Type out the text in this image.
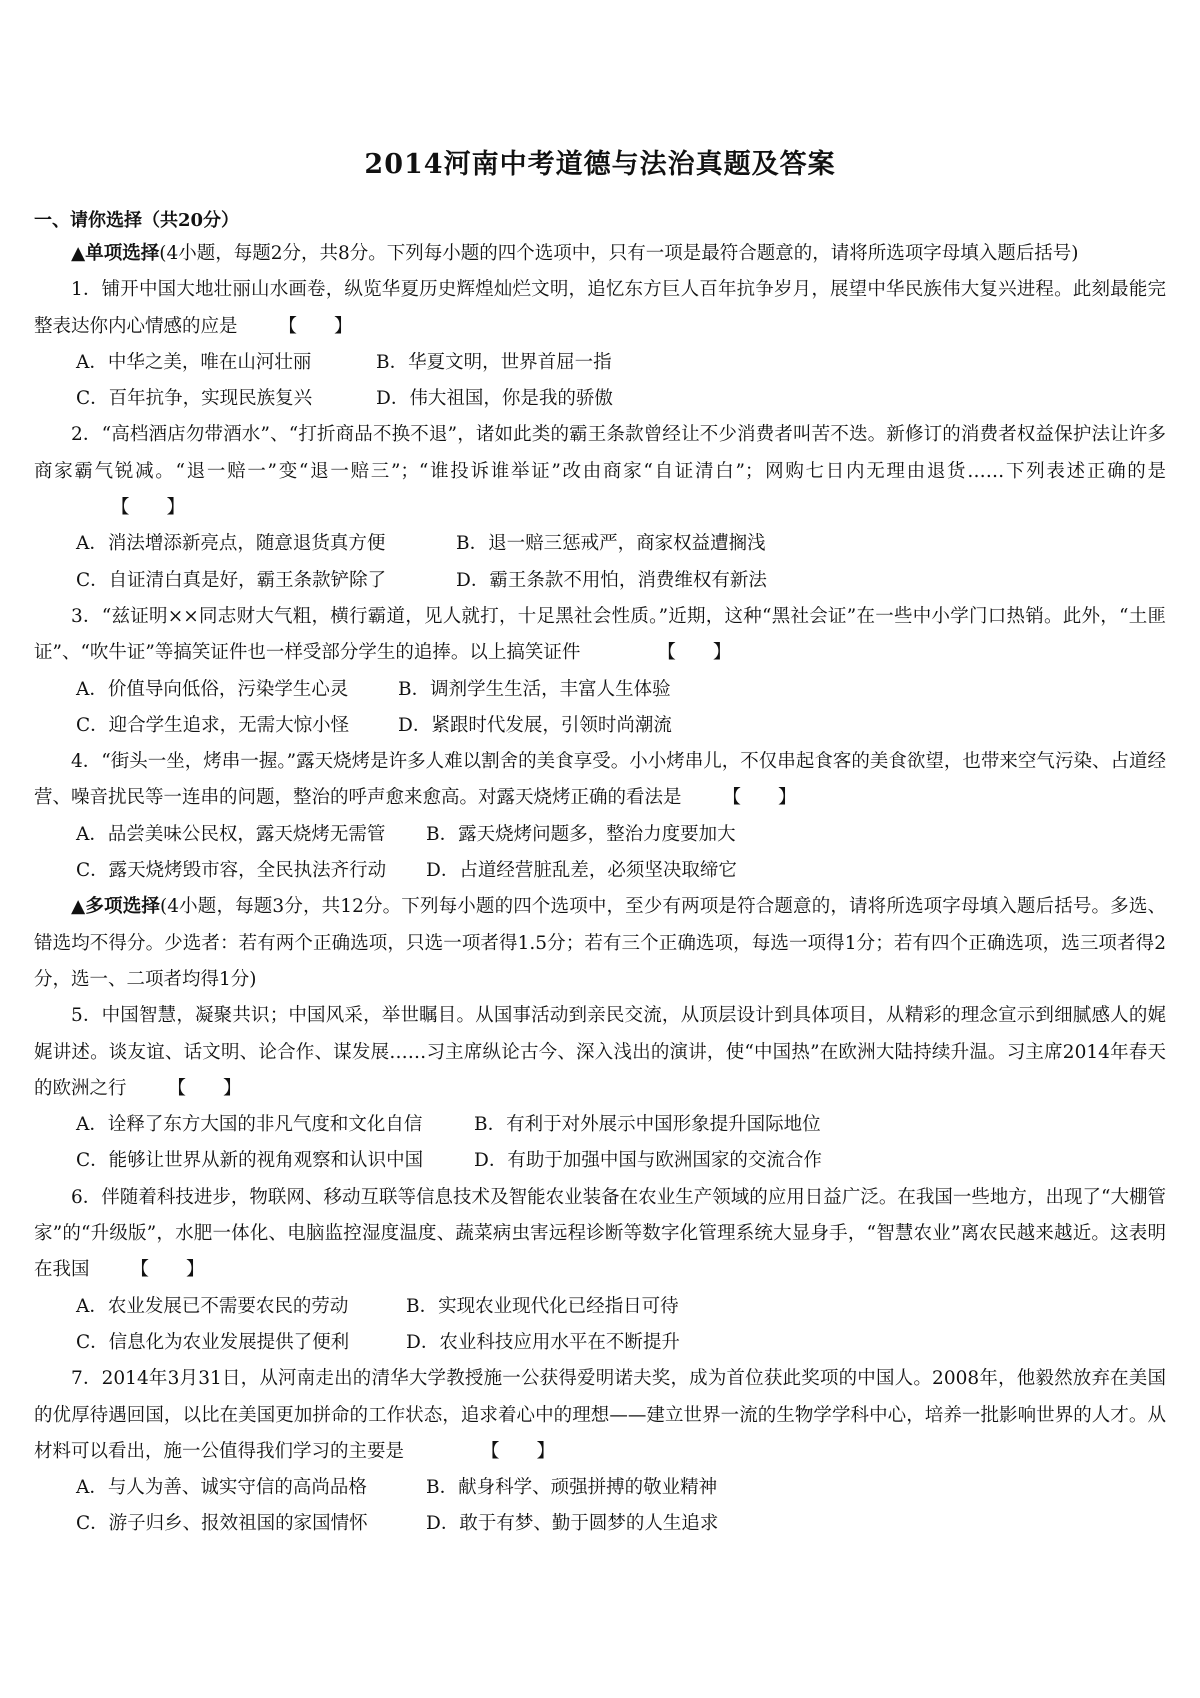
2014河南中考道德与法治真题及答案
一、请你选择（共20分）

▲单项选择(4小题，每题2分，共8分。下列每小题的四个选项中，只有一项是最符合题意的，请将所选项字母填入题后括号)

1．铺开中国大地壮丽山水画卷，纵览华夏历史辉煌灿烂文明，追忆东方巨人百年抗争岁月，展望中华民族伟大复兴进程。此刻最能完整表达你内心情感的应是 【　　】

A．中华之美，唯在山河壮丽	B．华夏文明，世界首屈一指

C．百年抗争，实现民族复兴	D．伟大祖国，你是我的骄傲

2．“高档酒店勿带酒水”、“打折商品不换不退”，诸如此类的霸王条款曾经让不少消费者叫苦不迭。新修订的消费者权益保护法让许多商家霸气锐减。“退一赔一”变“退一赔三”；“谁投诉谁举证”改由商家“自证清白”；网购七日内无理由退货……下列表述正确的是【　　】

A．消法增添新亮点，随意退货真方便	B．退一赔三惩戒严，商家权益遭搁浅

C．自证清白真是好，霸王条款铲除了	D．霸王条款不用怕，消费维权有新法

3．“兹证明××同志财大气粗，横行霸道，见人就打，十足黑社会性质。”近期，这种“黑社会证”在一些中小学门口热销。此外，“土匪证”、“吹牛证”等搞笑证件也一样受部分学生的追捧。以上搞笑证件	【　　】

A．价值导向低俗，污染学生心灵	B．调剂学生生活，丰富人生体验

C．迎合学生追求，无需大惊小怪	D．紧跟时代发展，引领时尚潮流

4．“街头一坐，烤串一握。”露天烧烤是许多人难以割舍的美食享受。小小烤串儿，不仅串起食客的美食欲望，也带来空气污染、占道经营、噪音扰民等一连串的问题，整治的呼声愈来愈高。对露天烧烤正确的看法是 【　　】

A．品尝美味公民权，露天烧烤无需管 B．露天烧烤问题多，整治力度要加大

C．露天烧烤毁市容，全民执法齐行动 D．占道经营脏乱差，必须坚决取缔它

▲多项选择(4小题，每题3分，共12分。下列每小题的四个选项中，至少有两项是符合题意的，请将所选项字母填入题后括号。多选、错选均不得分。少选者：若有两个正确选项，只选一项者得1.5分；若有三个正确选项，每选一项得1分；若有四个正确选项，选三项者得2分，选一、二项者均得1分)

5．中国智慧，凝聚共识；中国风采，举世瞩目。从国事活动到亲民交流，从顶层设计到具体项目，从精彩的理念宣示到细腻感人的娓娓讲述。谈友谊、话文明、论合作、谋发展……习主席纵论古今、深入浅出的演讲，使“中国热”在欧洲大陆持续升温。习主席2014年春天的欧洲之行 【　　】

A．诠释了东方大国的非凡气度和文化自信	B．有利于对外展示中国形象提升国际地位

C．能够让世界从新的视角观察和认识中国	D．有助于加强中国与欧洲国家的交流合作

6．伴随着科技进步，物联网、移动互联等信息技术及智能农业装备在农业生产领域的应用日益广泛。在我国一些地方，出现了“大棚管家”的“升级版”，水肥一体化、电脑监控湿度温度、蔬菜病虫害远程诊断等数字化管理系统大显身手，“智慧农业”离农民越来越近。这表明在我国 【　　】

A．农业发展已不需要农民的劳动	B．实现农业现代化已经指日可待

C．信息化为农业发展提供了便利	D．农业科技应用水平在不断提升

7．2014年3月31日，从河南走出的清华大学教授施一公获得爱明诺夫奖，成为首位获此奖项的中国人。2008年，他毅然放弃在美国的优厚待遇回国，以比在美国更加拼命的工作状态，追求着心中的理想——建立世界一流的生物学学科中心，培养一批影响世界的人才。从材料可以看出，施一公值得我们学习的主要是	【　　】

A．与人为善、诚实守信的高尚品格	B．献身科学、顽强拼搏的敬业精神

C．游子归乡、报效祖国的家国情怀	D．敢于有梦、勤于圆梦的人生追求
